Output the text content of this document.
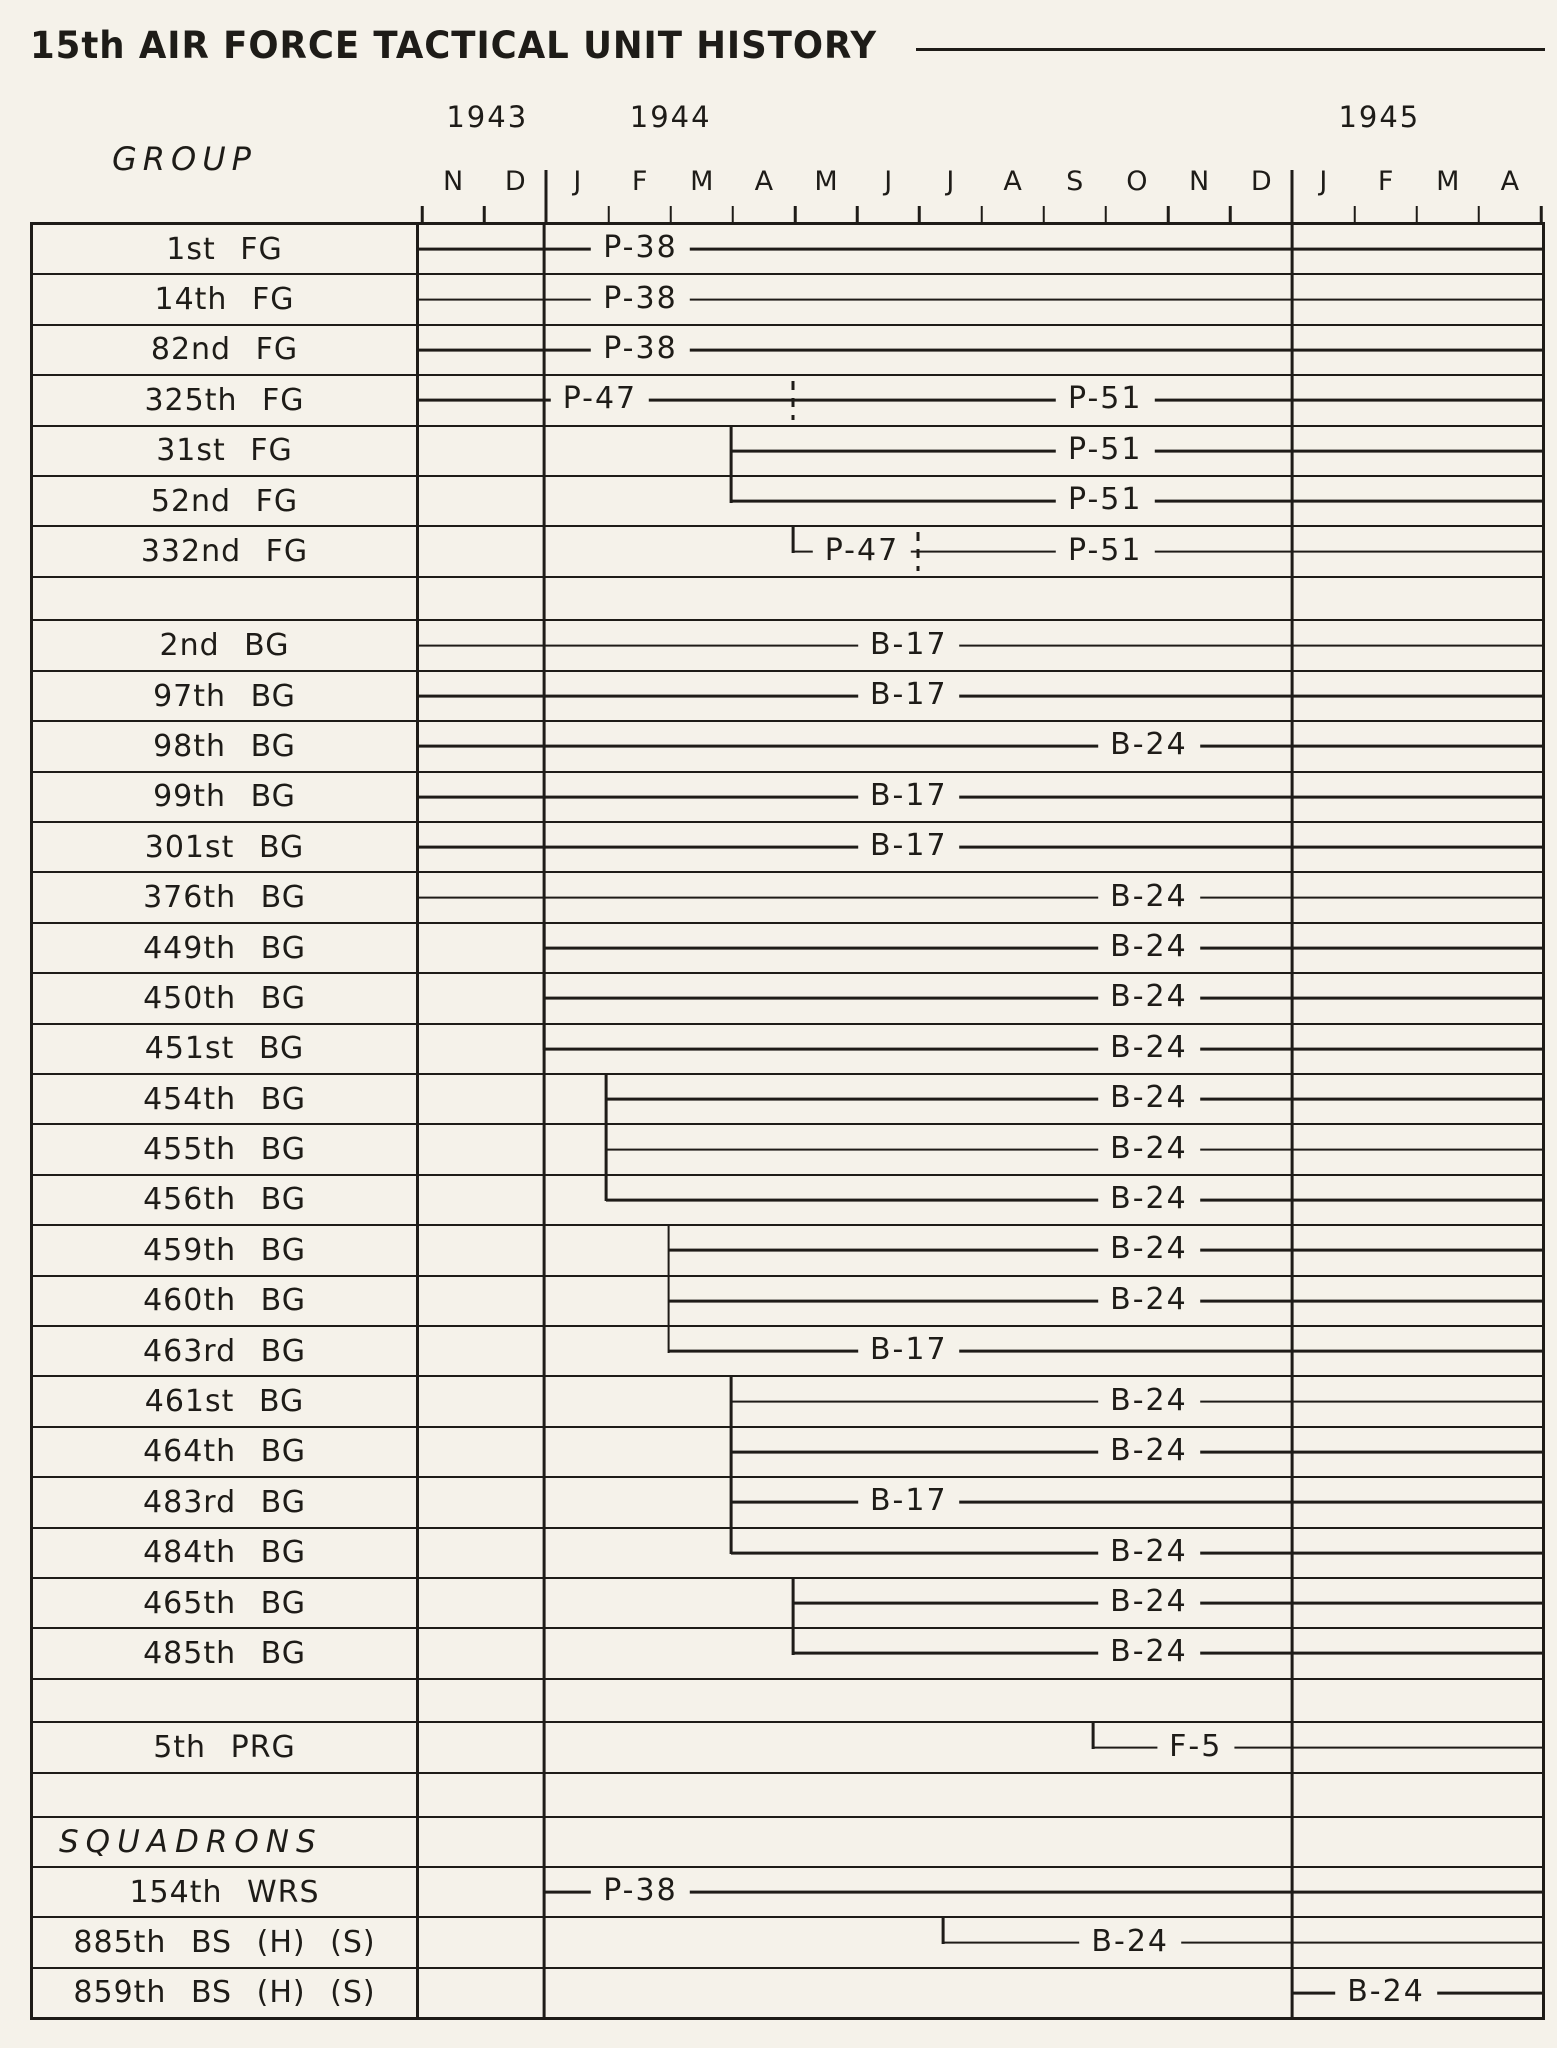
15th AIR FORCE TACTICAL UNIT HISTORY
GROUP
1943	1944	1945
N D J F M A M J J A S O N D J F M A
1st FG	P-38
14th FG	P-38
82nd FG	P-38
325th FG	P-47	P-51
31st FG	P-51
52nd FG	P-51
332nd FG	P-47	P-51
2nd BG	B-17
97th BG	B-17
98th BG	B-24
99th BG	B-17
301st BG	B-17
376th BG	B-24
449th BG	B-24
450th BG	B-24
451st BG	B-24
454th BG	B-24
455th BG	B-24
456th BG	B-24
459th BG	B-24
460th BG	B-24
463rd BG	B-17
461st BG	B-24
464th BG	B-24
483rd BG	B-17
484th BG	B-24
465th BG	B-24
485th BG	B-24
5th PRG	F-5
SQUADRONS
154th WRS	P-38
885th BS (H) (S)	B-24
859th BS (H) (S)	B-24
